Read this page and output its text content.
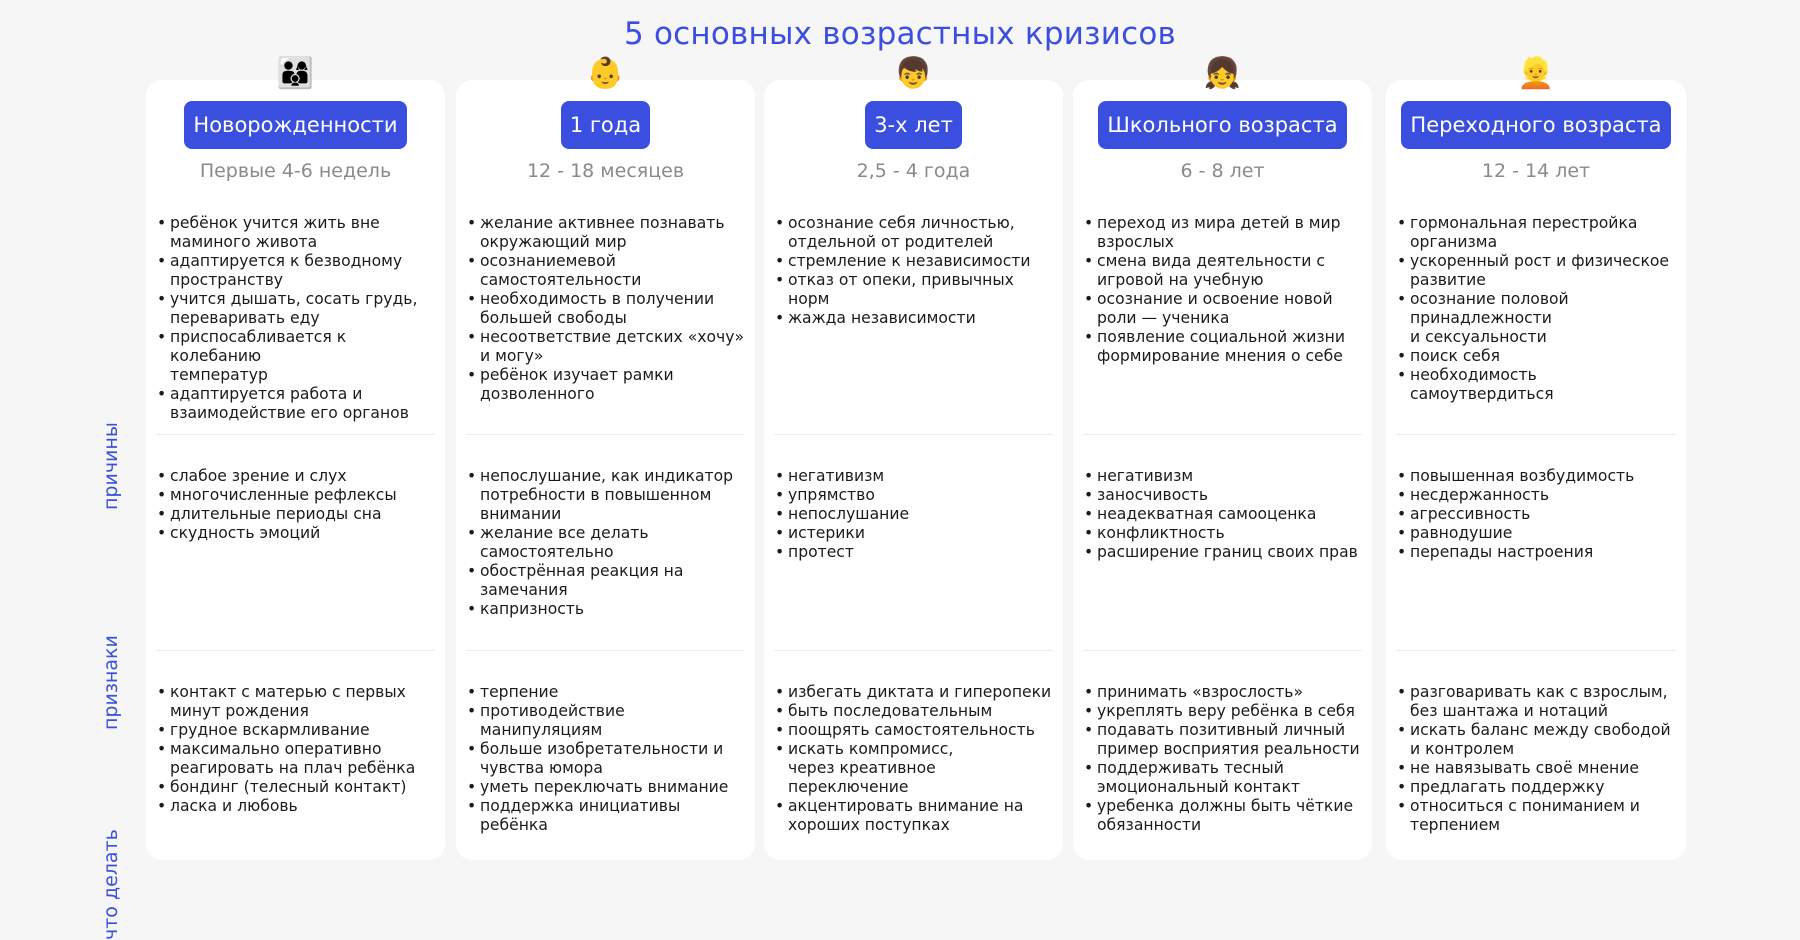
5 основных возрастных кризисов
причины
признаки
что делать
👨‍👩‍👦
Новорожденности
Первые 4-6 недель
• ребёнок учится жить вне
маминого живота
• адаптируется к безводному
пространству
• учится дышать, сосать грудь,
переваривать еду
• приспосабливается к колебанию
температур
• адаптируется работа и
взаимодействие его органов
• слабое зрение и слух
• многочисленные рефлексы
• длительные периоды сна
• скудность эмоций
• контакт с матерью с первых
минут рождения
• грудное вскармливание
• максимально оперативно
реагировать на плач ребёнка
• бондинг (телесный контакт)
• ласка и любовь
👶
1 года
12 - 18 месяцев
• желание активнее познавать
окружающий мир
• осознаниемевой
самостоятельности
• необходимость в получении
большей свободы
• несоответствие детских «хочу»
и могу»
• ребёнок изучает рамки
дозволенного
• непослушание, как индикатор
потребности в повышенном
внимании
• желание все делать
самостоятельно
• обострённая реакция на
замечания
• капризность
• терпение
• противодействие манипуляциям
• больше изобретательности и
чувства юмора
• уметь переключать внимание
• поддержка инициативы ребёнка
👦
3-х лет
2,5 - 4 года
• осознание себя личностью,
отдельной от родителей
• стремление к независимости
• отказ от опеки, привычных норм
• жажда независимости
• негативизм
• упрямство
• непослушание
• истерики
• протест
• избегать диктата и гиперопеки
• быть последовательным
• поощрять самостоятельность
• искать компромисс,
через креативное переключение
• акцентировать внимание на
хороших поступках
👧
Школьного возраста
6 - 8 лет
• переход из мира детей в мир
взрослых
• смена вида деятельности с
игровой на учебную
• осознание и освоение новой
роли — ученика
• появление социальной жизни
формирование мнения о себе
• негативизм
• заносчивость
• неадекватная самооценка
• конфликтность
• расширение границ своих прав
• принимать «взрослость»
• укреплять веру ребёнка в себя
• подавать позитивный личный
пример восприятия реальности
• поддерживать тесный
эмоциональный контакт
• уребенка должны быть чёткие
обязанности
👱
Переходного возраста
12 - 14 лет
• гормональная перестройка
организма
• ускоренный рост и физическое
развитие
• осознание половой
принадлежности
и сексуальности
• поиск себя
• необходимость самоутвердиться
• повышенная возбудимость
• несдержанность
• агрессивность
• равнодушие
• перепады настроения
• разговаривать как с взрослым,
без шантажа и нотаций
• искать баланс между свободой
и контролем
• не навязывать своё мнение
• предлагать поддержку
• относиться с пониманием и
терпением
